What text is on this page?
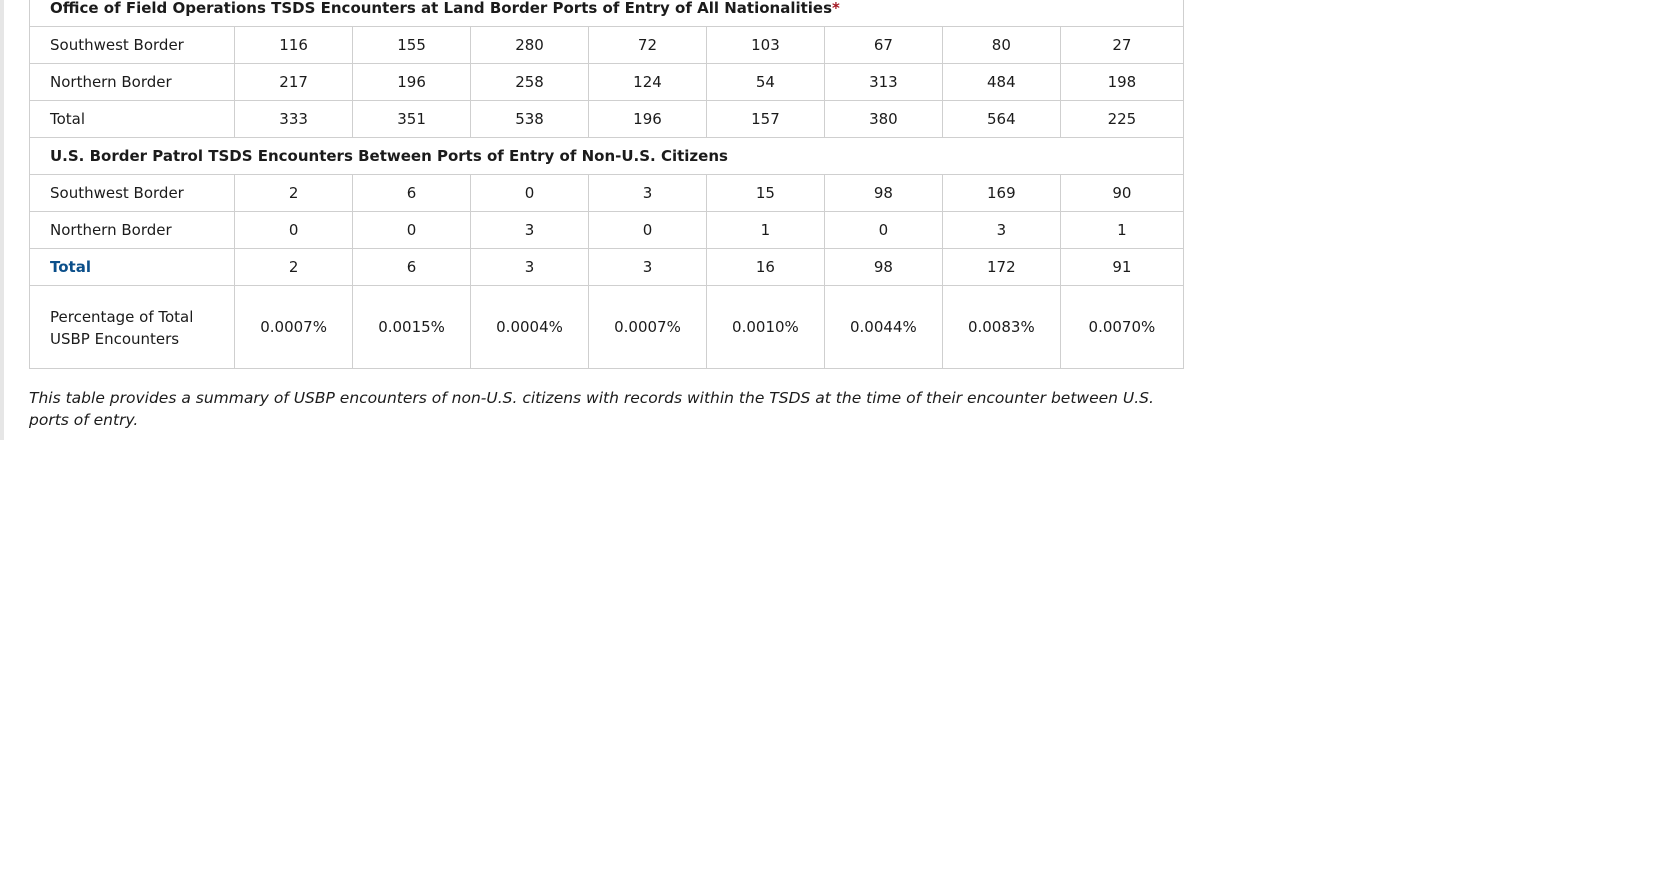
Office of Field Operations TSDS Encounters at Land Border Ports of Entry of All Nationalities*								
Southwest Border	116	155	280	72	103	67	80	27
Northern Border	217	196	258	124	54	313	484	198
Total	333	351	538	196	157	380	564	225
U.S. Border Patrol TSDS Encounters Between Ports of Entry of Non-U.S. Citizens								
Southwest Border	2	6	0	3	15	98	169	90
Northern Border	0	0	3	0	1	0	3	1
Total	2	6	3	3	16	98	172	91
Percentage of Total USBP Encounters	0.0007%	0.0015%	0.0004%	0.0007%	0.0010%	0.0044%	0.0083%	0.0070%

This table provides a summary of USBP encounters of non-U.S. citizens with records within the TSDS at the time of their encounter between U.S. ports of entry.
